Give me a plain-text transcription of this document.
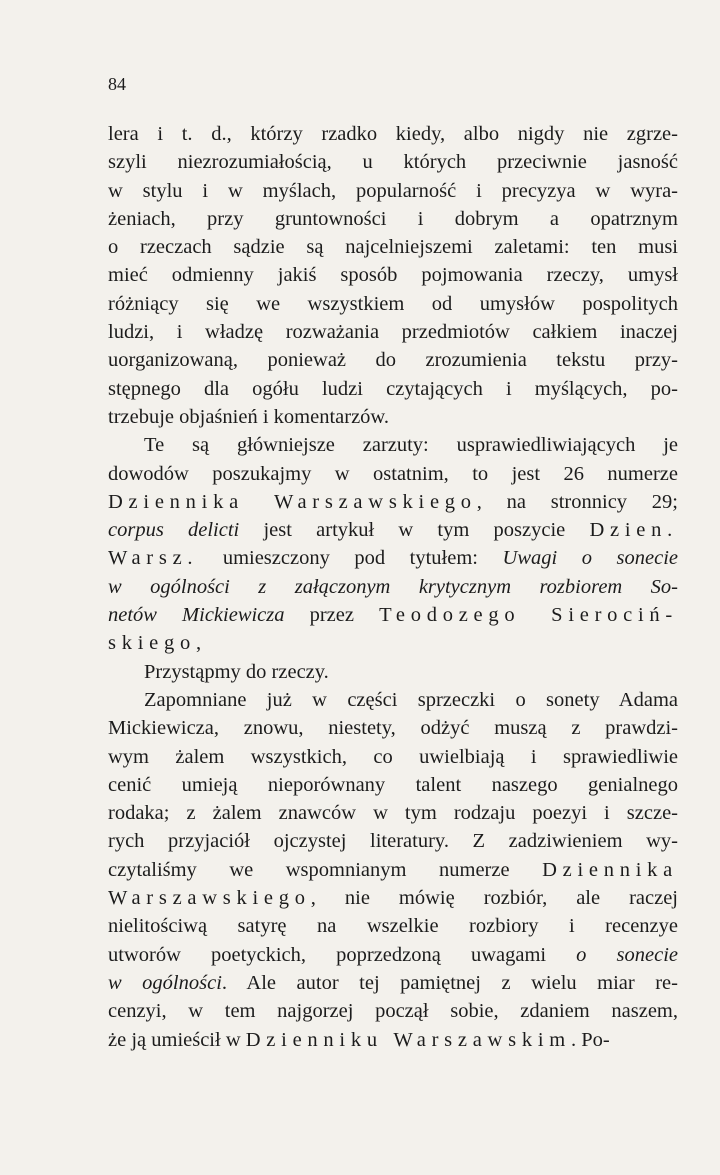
84

lera i t. d., którzy rzadko kiedy, albo nigdy nie zgrze-

szyli niezrozumiałością, u których przeciwnie jasność

w stylu i w myślach, popularność i precyzya w wyra-

żeniach, przy gruntowności i dobrym a opatrznym

o rzeczach sądzie są najcelniejszemi zaletami: ten musi

mieć odmienny jakiś sposób pojmowania rzeczy, umysł

różniący się we wszystkiem od umysłów pospolitych

ludzi, i władzę rozważania przedmiotów całkiem inaczej

uorganizowaną, ponieważ do zrozumienia tekstu przy-

stępnego dla ogółu ludzi czytających i myślących, po-

trzebuje objaśnień i komentarzów.

Te są główniejsze zarzuty: usprawiedliwiających je

dowodów poszukajmy w ostatnim, to jest 26 numerze

Dziennika Warszawskiego, na stronnicy 29;

corpus delicti jest artykuł w tym poszycie Dzien.

Warsz. umieszczony pod tytułem: Uwagi o sonecie

w ogólności z załączonym krytycznym rozbiorem So-

netów Mickiewicza przez Teodozego Sierociń-

skiego,

Przystąpmy do rzeczy.

Zapomniane już w części sprzeczki o sonety Adama

Mickiewicza, znowu, niestety, odżyć muszą z prawdzi-

wym żalem wszystkich, co uwielbiają i sprawiedliwie

cenić umieją nieporównany talent naszego genialnego

rodaka; z żalem znawców w tym rodzaju poezyi i szcze-

rych przyjaciół ojczystej literatury. Z zadziwieniem wy-

czytaliśmy we wspomnianym numerze Dziennika

Warszawskiego, nie mówię rozbiór, ale raczej

nielitościwą satyrę na wszelkie rozbiory i recenzye

utworów poetyckich, poprzedzoną uwagami o sonecie

w ogólności. Ale autor tej pamiętnej z wielu miar re-

cenzyi, w tem najgorzej począł sobie, zdaniem naszem,

że ją umieścił w Dzienniku Warszawskim. Po-
